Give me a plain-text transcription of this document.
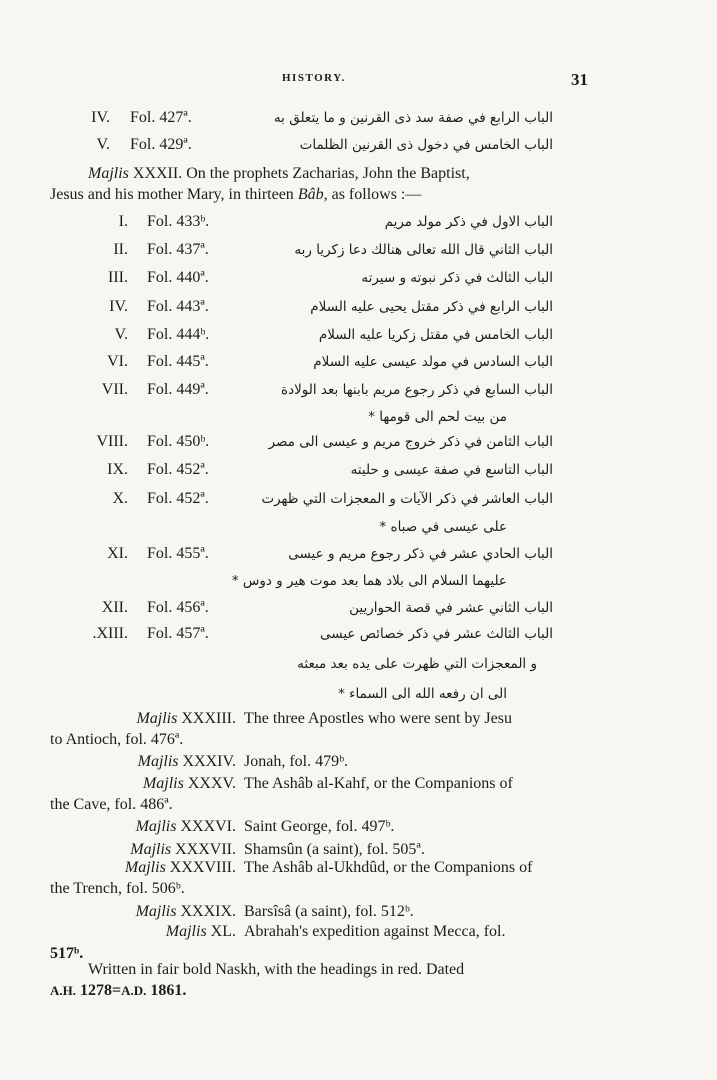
HISTORY.	31
IV. Fol. 427ª.	الباب الرابع في صفة سد ذى القرنين و ما يتعلق به
V. Fol. 429ª.	الباب الخامس في دخول ذى القرنين الظلمات
Majlis XXXII. On the prophets Zacharias, John the Baptist,
Jesus and his mother Mary, in thirteen Bâb, as follows :—
I. Fol. 433ᵇ.	الباب الاول في ذكر مولد مريم
II. Fol. 437ª.	الباب الثاني قال الله تعالى هنالك دعا زكريا ربه
III. Fol. 440ª.	الباب الثالث في ذكر نبوته و سيرته
IV. Fol. 443ª.	الباب الرابع في ذكر مقتل يحيى عليه السلام
V. Fol. 444ᵇ.	الباب الخامس في مقتل زكريا عليه السلام
VI. Fol. 445ª.	الباب السادس في مولد عيسى عليه السلام
VII. Fol. 449ª.	الباب السابع في ذكر رجوع مريم بابنها بعد الولادة
من بيت لحم الى قومها *
VIII. Fol. 450ᵇ.	الباب الثامن في ذكر خروج مريم و عيسى الى مصر
IX. Fol. 452ª.	الباب التاسع في صفة عيسى و حليته
X. Fol. 452ª.	الباب العاشر في ذكر الآيات و المعجزات التي ظهرت
على عيسى في صباه *
XI. Fol. 455ª.	الباب الحادي عشر في ذكر رجوع مريم و عيسى
عليهما السلام الى بلاد هما بعد موت هير و دوس *
XII. Fol. 456ª.	الباب الثاني عشر في قصة الحواريين
.XIII. Fol. 457ª.	الباب الثالث عشر في ذكر خصائص عيسى
و المعجزات التي ظهرت على يده بعد مبعثه
الى ان رفعه الله الى السماء *
Majlis XXXIII. The three Apostles who were sent by Jesu
to Antioch, fol. 476ª.
Majlis XXXIV. Jonah, fol. 479ᵇ.
Majlis XXXV. The Ashâb al-Kahf, or the Companions of
the Cave, fol. 486ª.
Majlis XXXVI. Saint George, fol. 497ᵇ.
Majlis XXXVII. Shamsûn (a saint), fol. 505ª.
Majlis XXXVIII. The Ashâb al-Ukhdûd, or the Companions of
the Trench, fol. 506ᵇ.
Majlis XXXIX. Barsîsâ (a saint), fol. 512ᵇ.
Majlis XL. Abrahah's expedition against Mecca, fol.
517ᵇ.
Written in fair bold Naskh, with the headings in red. Dated
A.H. 1278=A.D. 1861.
